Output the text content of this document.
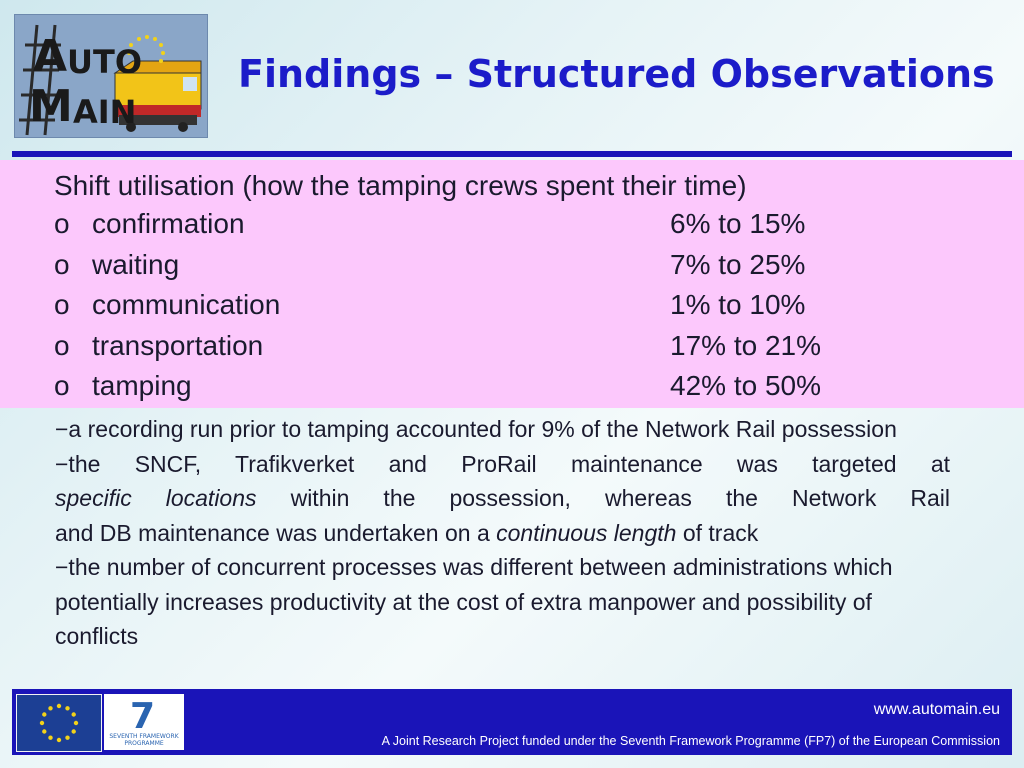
A UTO
M AIN
Findings – Structured Observations
Shift utilisation (how the tamping crews spent their time)
o confirmation	6% to 15%
o waiting	7% to 25%
o communication	1% to 10%
o transportation	17% to 21%
o tamping	42% to 50%

−a recording run prior to tamping accounted for 9% of the Network Rail possession

−the SNCF, Trafikverket and ProRail maintenance was targeted at

specific locations within the possession, whereas the Network Rail

and DB maintenance was undertaken on a continuous length of track

−the number of concurrent processes was different between administrations which potentially increases productivity at the cost of extra manpower and possibility of conflicts

7
SEVENTH FRAMEWORK PROGRAMME
www.automain.eu
A Joint Research Project funded under the Seventh Framework Programme (FP7) of the European Commission
